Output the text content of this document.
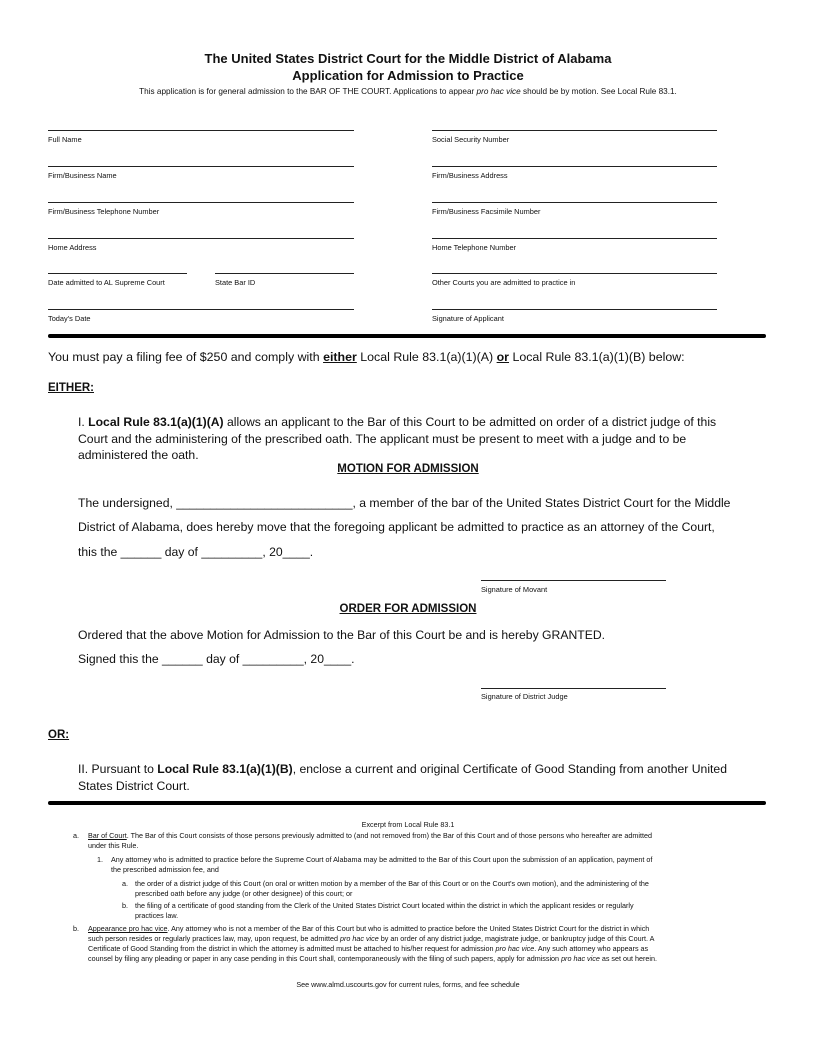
The United States District Court for the Middle District of Alabama
Application for Admission to Practice
This application is for general admission to the BAR OF THE COURT. Applications to appear pro hac vice should be by motion. See Local Rule 83.1.
Full Name
Firm/Business Name
Firm/Business Telephone Number
Home Address
Date admitted to AL Supreme Court	State Bar ID
Today's Date
Social Security Number
Firm/Business Address
Firm/Business Facsimile Number
Home Telephone Number
Other Courts you are admitted to practice in
Signature of Applicant
You must pay a filing fee of $250 and comply with either Local Rule 83.1(a)(1)(A) or Local Rule 83.1(a)(1)(B) below:
EITHER:
I. Local Rule 83.1(a)(1)(A) allows an applicant to the Bar of this Court to be admitted on order of a district judge of this
Court and the administering of the prescribed oath. The applicant must be present to meet with a judge and to be
administered the oath.
MOTION FOR ADMISSION
The undersigned, __________________________, a member of the bar of the United States District Court for the Middle
District of Alabama, does hereby move that the foregoing applicant be admitted to practice as an attorney of the Court,
this the ______ day of _________, 20____.
Signature of Movant
ORDER FOR ADMISSION
Ordered that the above Motion for Admission to the Bar of this Court be and is hereby GRANTED.
Signed this the ______ day of _________, 20____.
Signature of District Judge
OR:
II. Pursuant to Local Rule 83.1(a)(1)(B), enclose a current and original Certificate of Good Standing from another United
States District Court.
Excerpt from Local Rule 83.1
a. Bar of Court. The Bar of this Court consists of those persons previously admitted to (and not removed from) the Bar of this Court and of those persons who hereafter are admitted
under this Rule.
1. Any attorney who is admitted to practice before the Supreme Court of Alabama may be admitted to the Bar of this Court upon the submission of an application, payment of
the prescribed admission fee, and
a. the order of a district judge of this Court (on oral or written motion by a member of the Bar of this Court or on the Court's own motion), and the administering of the
prescribed oath before any judge (or other designee) of this court; or
b. the filing of a certificate of good standing from the Clerk of the United States District Court located within the district in which the applicant resides or regularly
practices law.
b. Appearance pro hac vice. Any attorney who is not a member of the Bar of this Court but who is admitted to practice before the United States District Court for the district in which
such person resides or regularly practices law, may, upon request, be admitted pro hac vice by an order of any district judge, magistrate judge, or bankruptcy judge of this Court. A
Certificate of Good Standing from the district in which the attorney is admitted must be attached to his/her request for admission pro hac vice. Any such attorney who appears as
counsel by filing any pleading or paper in any case pending in this Court shall, contemporaneously with the filing of such papers, apply for admission pro hac vice as set out herein.
See www.almd.uscourts.gov for current rules, forms, and fee schedule
